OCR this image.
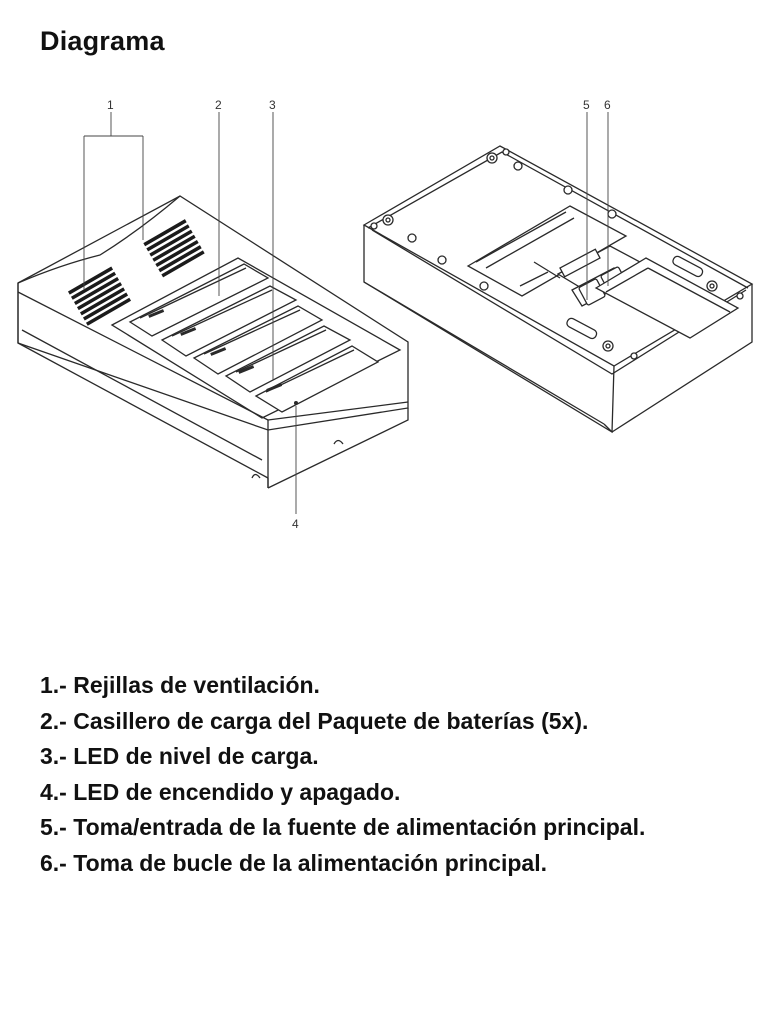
Diagrama
1	2	3
4
5 6
1.- Rejillas de ventilación.
2.- Casillero de carga del Paquete de baterías (5x).
3.- LED de nivel de carga.
4.- LED de encendido y apagado.
5.- Toma/entrada de la fuente de alimentación principal.
6.- Toma de bucle de la alimentación principal.
